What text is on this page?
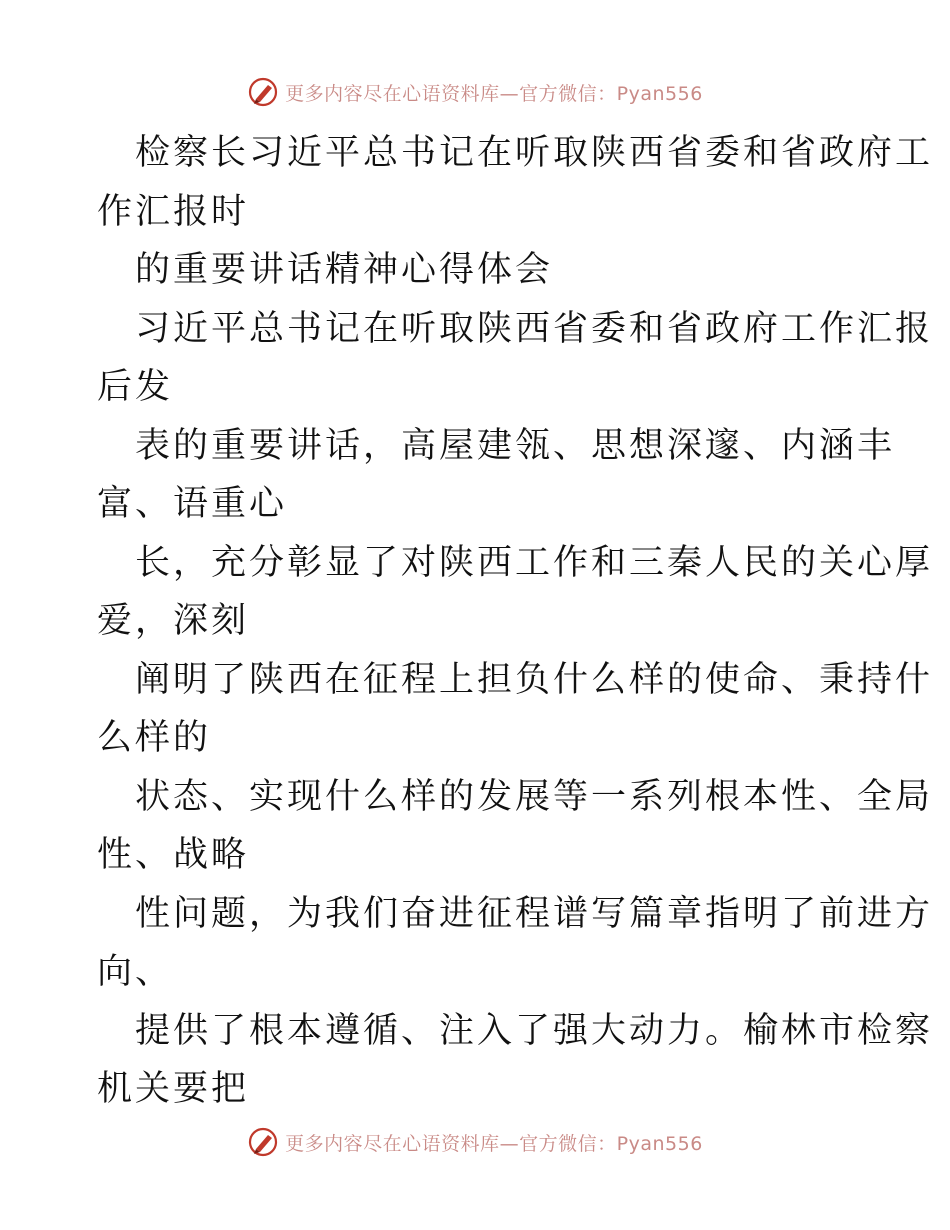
更多内容尽在心语资料库—官方微信：Pyan556
检察长习近平总书记在听取陕西省委和省政府工
作汇报时
的重要讲话精神心得体会
习近平总书记在听取陕西省委和省政府工作汇报
后发
表的重要讲话，高屋建瓴、思想深邃、内涵丰
富、语重心
长，充分彰显了对陕西工作和三秦人民的关心厚
爱，深刻
阐明了陕西在征程上担负什么样的使命、秉持什
么样的
状态、实现什么样的发展等一系列根本性、全局
性、战略
性问题，为我们奋进征程谱写篇章指明了前进方
向、
提供了根本遵循、注入了强大动力。榆林市检察
机关要把
更多内容尽在心语资料库—官方微信：Pyan556
